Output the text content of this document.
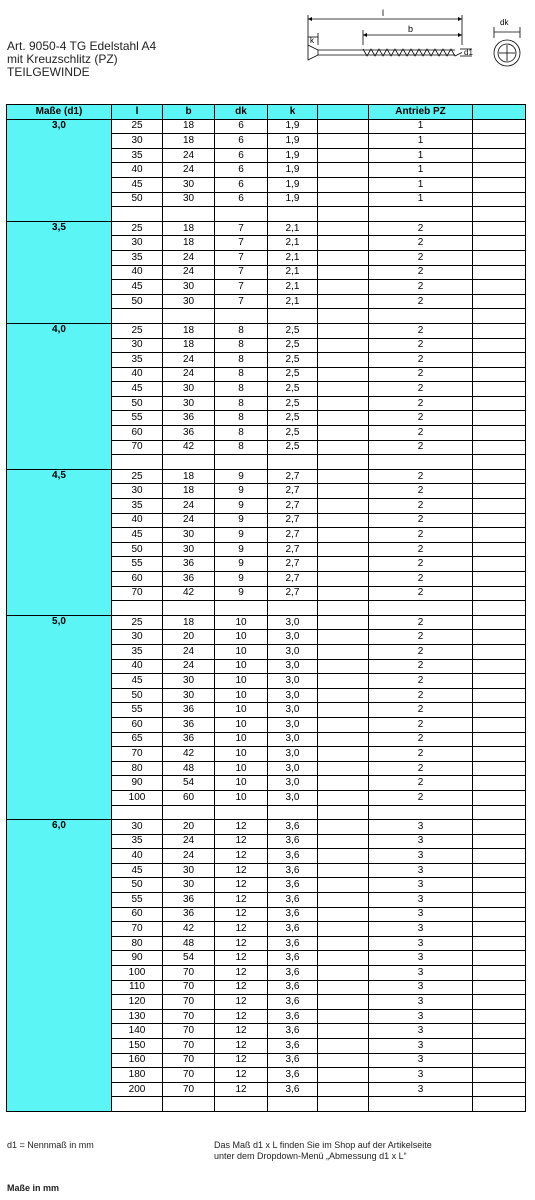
Art. 9050-4 TG Edelstahl A4
mit Kreuzschlitz (PZ)
TEILGEWINDE
l
b
k
d1
dk
Maße (d1)	l	b	dk	k		Antrieb PZ	
3,0	25	18	6	1,9		1	
	30	18	6	1,9		1	
	35	24	6	1,9		1	
	40	24	6	1,9		1	
	45	30	6	1,9		1	
	50	30	6	1,9		1	

3,5	25	18	7	2,1		2	
	30	18	7	2,1		2	
	35	24	7	2,1		2	
	40	24	7	2,1		2	
	45	30	7	2,1		2	
	50	30	7	2,1		2	

4,0	25	18	8	2,5		2	
	30	18	8	2,5		2	
	35	24	8	2,5		2	
	40	24	8	2,5		2	
	45	30	8	2,5		2	
	50	30	8	2,5		2	
	55	36	8	2,5		2	
	60	36	8	2,5		2	
	70	42	8	2,5		2	

4,5	25	18	9	2,7		2	
	30	18	9	2,7		2	
	35	24	9	2,7		2	
	40	24	9	2,7		2	
	45	30	9	2,7		2	
	50	30	9	2,7		2	
	55	36	9	2,7		2	
	60	36	9	2,7		2	
	70	42	9	2,7		2	

5,0	25	18	10	3,0		2	
	30	20	10	3,0		2	
	35	24	10	3,0		2	
	40	24	10	3,0		2	
	45	30	10	3,0		2	
	50	30	10	3,0		2	
	55	36	10	3,0		2	
	60	36	10	3,0		2	
	65	36	10	3,0		2	
	70	42	10	3,0		2	
	80	48	10	3,0		2	
	90	54	10	3,0		2	
	100	60	10	3,0		2	

6,0	30	20	12	3,6		3	
	35	24	12	3,6		3	
	40	24	12	3,6		3	
	45	30	12	3,6		3	
	50	30	12	3,6		3	
	55	36	12	3,6		3	
	60	36	12	3,6		3	
	70	42	12	3,6		3	
	80	48	12	3,6		3	
	90	54	12	3,6		3	
	100	70	12	3,6		3	
	110	70	12	3,6		3	
	120	70	12	3,6		3	
	130	70	12	3,6		3	
	140	70	12	3,6		3	
	150	70	12	3,6		3	
	160	70	12	3,6		3	
	180	70	12	3,6		3	
	200	70	12	3,6		3	

d1 = Nennmaß in mm	Das Maß d1 x L finden Sie im Shop auf der Artikelseite
unter dem Dropdown-Menü „Abmessung d1 x L“
Maße in mm
